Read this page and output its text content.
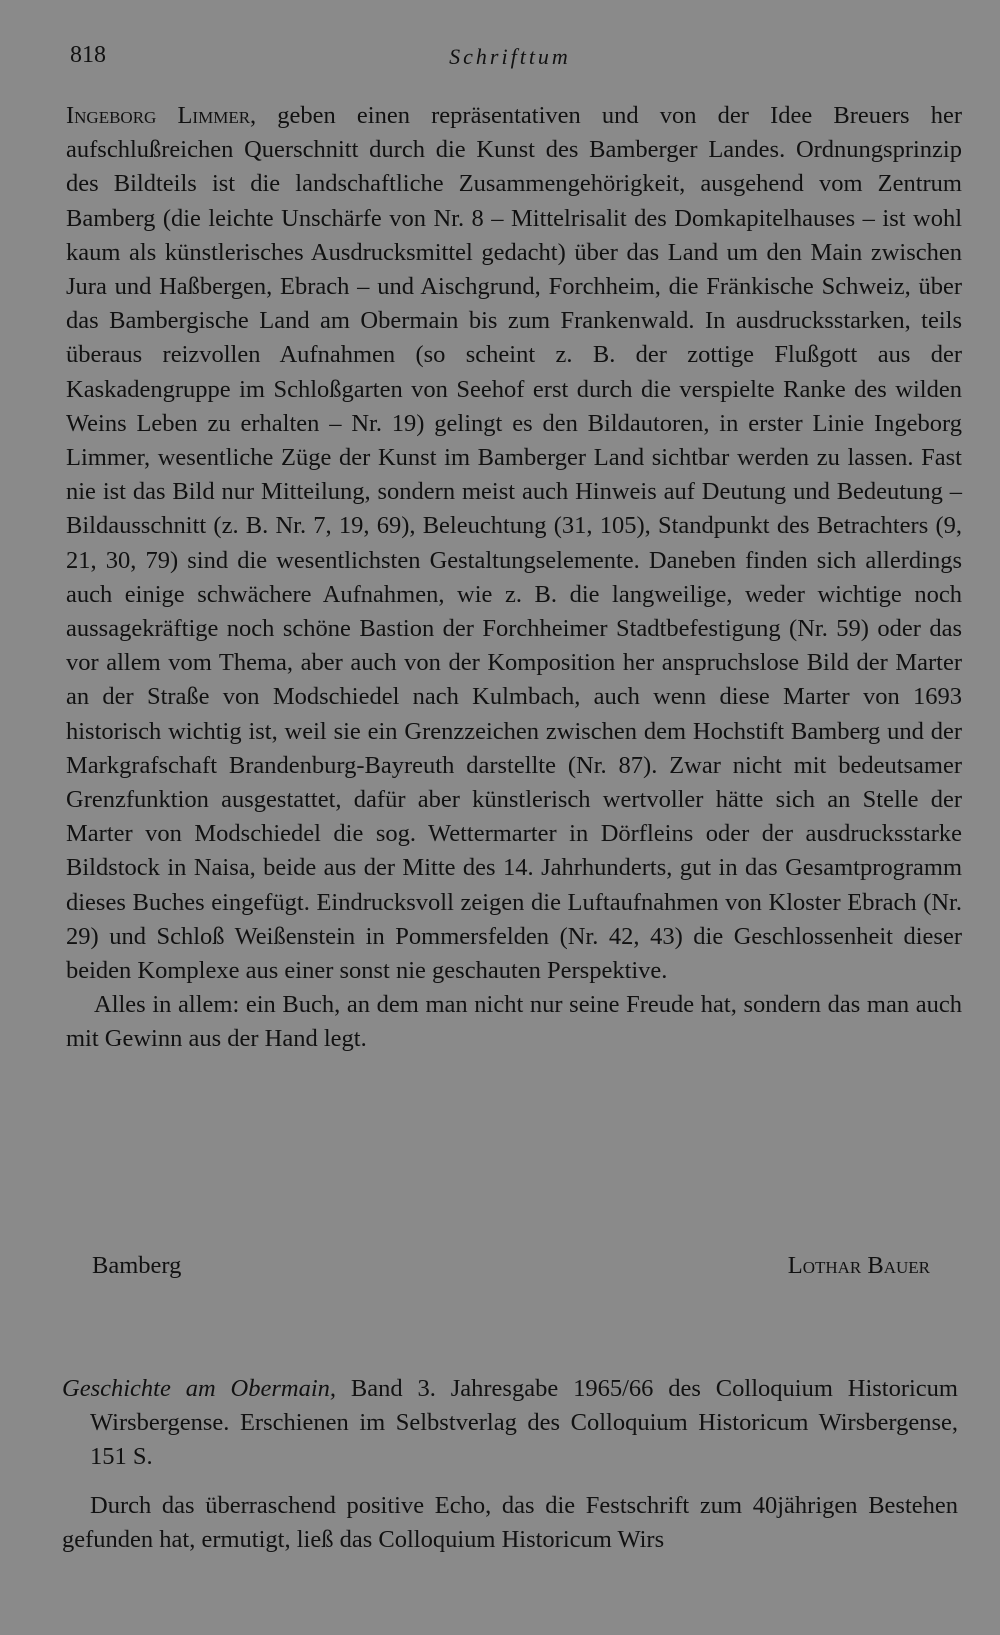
818	Schrifttum

Ingeborg Limmer, geben einen repräsentativen und von der Idee Breuers her aufschlußreichen Querschnitt durch die Kunst des Bamberger Landes. Ordnungsprinzip des Bildteils ist die landschaftliche Zusammengehörigkeit, ausgehend vom Zentrum Bamberg (die leichte Unschärfe von Nr. 8 – Mittelrisalit des Domkapitelhauses – ist wohl kaum als künstlerisches Ausdrucksmittel gedacht) über das Land um den Main zwischen Jura und Haßbergen, Ebrach – und Aischgrund, Forchheim, die Fränkische Schweiz, über das Bambergische Land am Obermain bis zum Frankenwald. In ausdrucksstarken, teils überaus reizvollen Aufnahmen (so scheint z. B. der zottige Flußgott aus der Kaskadengruppe im Schloßgarten von Seehof erst durch die verspielte Ranke des wilden Weins Leben zu erhalten – Nr. 19) gelingt es den Bildautoren, in erster Linie Ingeborg Limmer, wesentliche Züge der Kunst im Bamberger Land sichtbar werden zu lassen. Fast nie ist das Bild nur Mitteilung, sondern meist auch Hinweis auf Deutung und Bedeutung – Bildausschnitt (z. B. Nr. 7, 19, 69), Beleuchtung (31, 105), Standpunkt des Betrachters (9, 21, 30, 79) sind die wesentlichsten Gestaltungselemente. Daneben finden sich allerdings auch einige schwächere Aufnahmen, wie z. B. die langweilige, weder wichtige noch aussagekräftige noch schöne Bastion der Forchheimer Stadtbefestigung (Nr. 59) oder das vor allem vom Thema, aber auch von der Komposition her anspruchslose Bild der Marter an der Straße von Modschiedel nach Kulmbach, auch wenn diese Marter von 1693 historisch wichtig ist, weil sie ein Grenzzeichen zwischen dem Hochstift Bamberg und der Markgrafschaft Brandenburg-Bayreuth darstellte (Nr. 87). Zwar nicht mit bedeutsamer Grenzfunktion ausgestattet, dafür aber künstlerisch wertvoller hätte sich an Stelle der Marter von Modschiedel die sog. Wettermarter in Dörfleins oder der ausdrucksstarke Bildstock in Naisa, beide aus der Mitte des 14. Jahrhunderts, gut in das Gesamtprogramm dieses Buches eingefügt. Eindrucksvoll zeigen die Luftaufnahmen von Kloster Ebrach (Nr. 29) und Schloß Weißenstein in Pommersfelden (Nr. 42, 43) die Geschlossenheit dieser beiden Komplexe aus einer sonst nie geschauten Perspektive.

Alles in allem: ein Buch, an dem man nicht nur seine Freude hat, sondern das man auch mit Gewinn aus der Hand legt.

Bamberg	Lothar Bauer

Geschichte am Obermain, Band 3. Jahresgabe 1965/66 des Colloquium Historicum Wirsbergense. Erschienen im Selbstverlag des Colloquium Historicum Wirsbergense, 151 S.

Durch das überraschend positive Echo, das die Festschrift zum 40jährigen Bestehen gefunden hat, ermutigt, ließ das Colloquium Historicum Wirs
